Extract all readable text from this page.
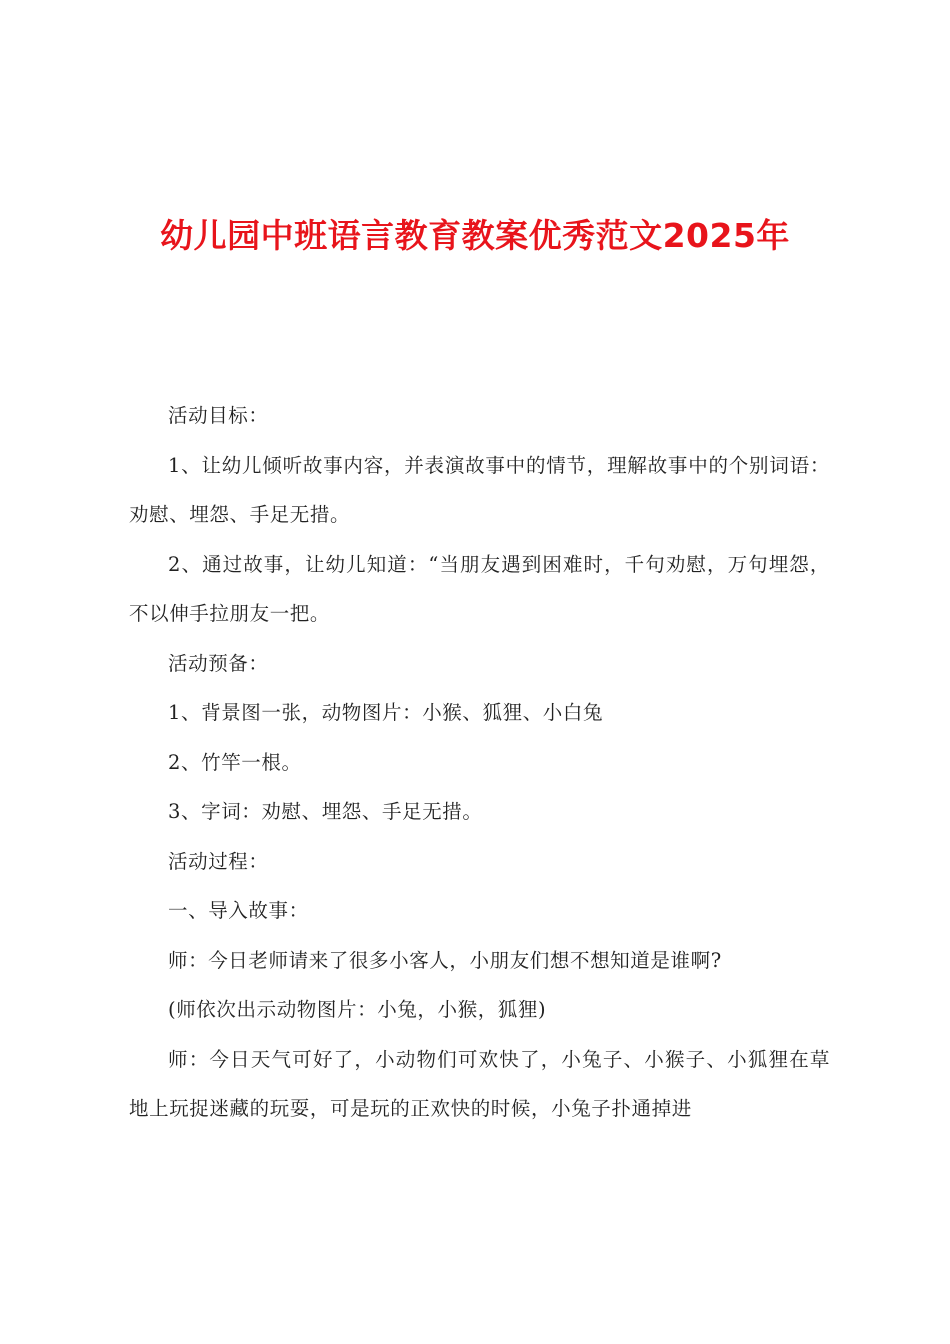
幼儿园中班语言教育教案优秀范文2025年

活动目标：

1、让幼儿倾听故事内容，并表演故事中的情节，理解故事中的个别词语：劝慰、埋怨、手足无措。

2、通过故事，让幼儿知道：“当朋友遇到困难时，千句劝慰，万句埋怨，不以伸手拉朋友一把。

活动预备：

1、背景图一张，动物图片：小猴、狐狸、小白兔

2、竹竿一根。

3、字词：劝慰、埋怨、手足无措。

活动过程：

一、导入故事：

师：今日老师请来了很多小客人，小朋友们想不想知道是谁啊?

(师依次出示动物图片：小兔，小猴，狐狸)

师：今日天气可好了，小动物们可欢快了，小兔子、小猴子、小狐狸在草地上玩捉迷藏的玩耍，可是玩的正欢快的时候，小兔子扑通掉进
